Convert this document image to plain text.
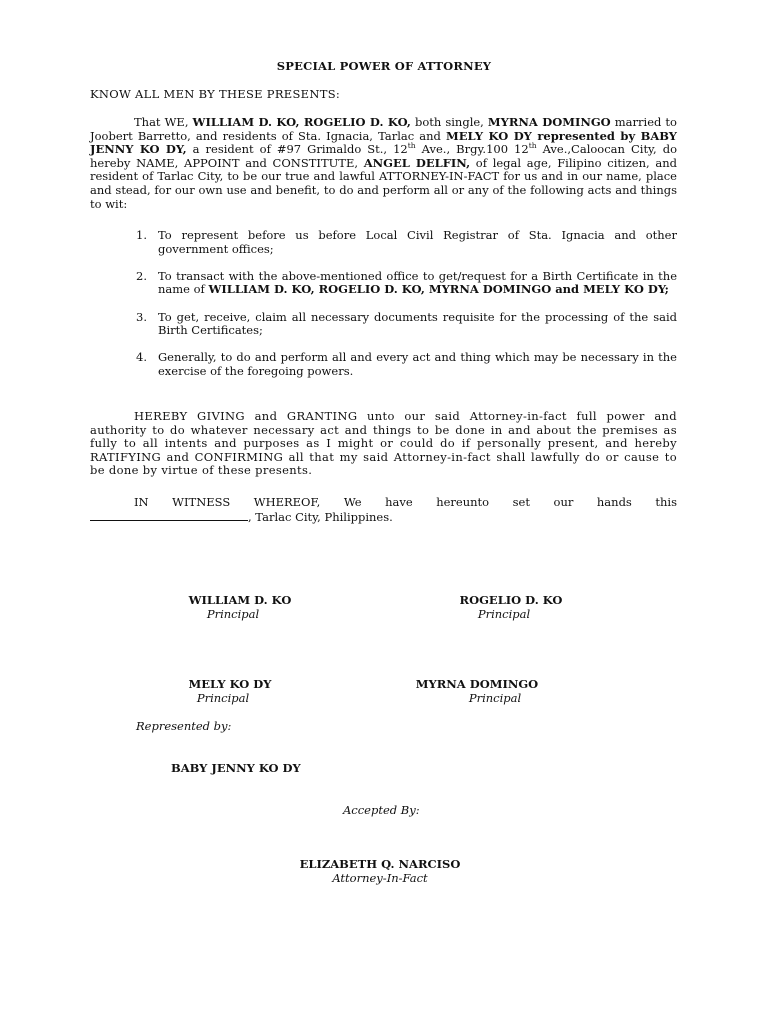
SPECIAL POWER OF ATTORNEY
KNOW ALL MEN BY THESE PRESENTS:
That WE, WILLIAM D. KO, ROGELIO D. KO, both single, MYRNA DOMINGO married to Joobert Barretto, and residents of Sta. Ignacia, Tarlac and MELY KO DY represented by BABY JENNY KO DY, a resident of #97 Grimaldo St., 12th Ave., Brgy.100 12th Ave.,Caloocan City, do hereby NAME, APPOINT and CONSTITUTE, ANGEL DELFIN, of legal age, Filipino citizen, and resident of Tarlac City, to be our true and lawful ATTORNEY-IN-FACT for us and in our name, place and stead, for our own use and benefit, to do and perform all or any of the following acts and things to wit:
1. To represent before us before Local Civil Registrar of Sta. Ignacia and other government offices;
2. To transact with the above-mentioned office to get/request for a Birth Certificate in the name of WILLIAM D. KO, ROGELIO D. KO, MYRNA DOMINGO and MELY KO DY;
3. To get, receive, claim all necessary documents requisite for the processing of the said Birth Certificates;
4. Generally, to do and perform all and every act and thing which may be necessary in the exercise of the foregoing powers.
HEREBY GIVING and GRANTING unto our said Attorney-in-fact full power and authority to do whatever necessary act and things to be done in and about the premises as fully to all intents and purposes as I might or could do if personally present, and hereby RATIFYING and CONFIRMING all that my said Attorney-in-fact shall lawfully do or cause to be done by virtue of these presents.
IN WITNESS WHEREOF, We have hereunto set our hands this
, Tarlac City, Philippines.
WILLIAM D. KO
Principal
ROGELIO D. KO
Principal
MELY KO DY
Principal
MYRNA DOMINGO
Principal
Represented by:
BABY JENNY KO DY
Accepted By:
ELIZABETH Q. NARCISO
Attorney-In-Fact
